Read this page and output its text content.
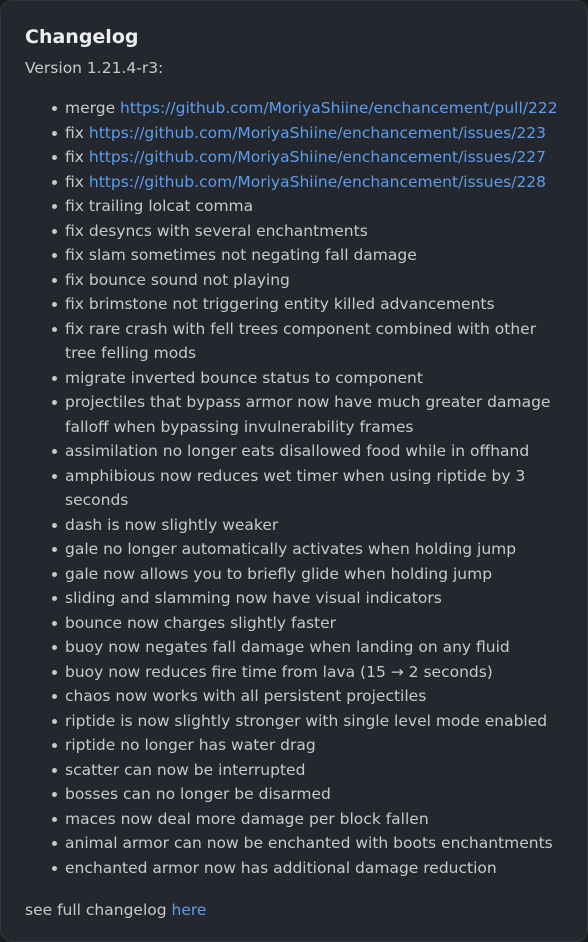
Changelog
Version 1.21.4-r3:
merge https://github.com/MoriyaShiine/enchancement/pull/222
fix https://github.com/MoriyaShiine/enchancement/issues/223
fix https://github.com/MoriyaShiine/enchancement/issues/227
fix https://github.com/MoriyaShiine/enchancement/issues/228
fix trailing lolcat comma
fix desyncs with several enchantments
fix slam sometimes not negating fall damage
fix bounce sound not playing
fix brimstone not triggering entity killed advancements
fix rare crash with fell trees component combined with other tree felling mods
migrate inverted bounce status to component
projectiles that bypass armor now have much greater damage falloff when bypassing invulnerability frames
assimilation no longer eats disallowed food while in offhand
amphibious now reduces wet timer when using riptide by 3 seconds
dash is now slightly weaker
gale no longer automatically activates when holding jump
gale now allows you to briefly glide when holding jump
sliding and slamming now have visual indicators
bounce now charges slightly faster
buoy now negates fall damage when landing on any fluid
buoy now reduces fire time from lava (15 → 2 seconds)
chaos now works with all persistent projectiles
riptide is now slightly stronger with single level mode enabled
riptide no longer has water drag
scatter can now be interrupted
bosses can no longer be disarmed
maces now deal more damage per block fallen
animal armor can now be enchanted with boots enchantments
enchanted armor now has additional damage reduction
see full changelog here
